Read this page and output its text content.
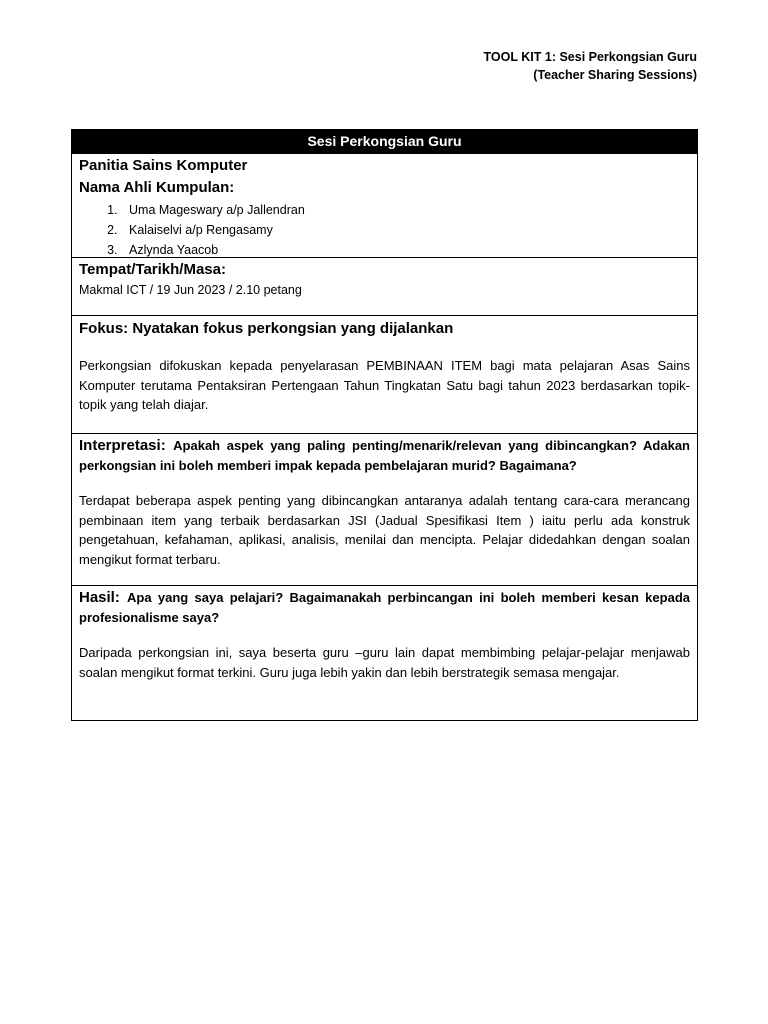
TOOL KIT 1: Sesi Perkongsian Guru
(Teacher Sharing Sessions)
Sesi Perkongsian Guru
Panitia Sains Komputer
Nama Ahli Kumpulan:
1. Uma Mageswary a/p Jallendran
2. Kalaiselvi a/p Rengasamy
3. Azlynda Yaacob
Tempat/Tarikh/Masa:
Makmal ICT / 19 Jun 2023 / 2.10 petang
Fokus: Nyatakan fokus perkongsian yang dijalankan
Perkongsian difokuskan kepada penyelarasan PEMBINAAN ITEM bagi mata pelajaran Asas Sains Komputer terutama Pentaksiran Pertengaan Tahun Tingkatan Satu bagi tahun 2023 berdasarkan topik-topik yang telah diajar.
Interpretasi: Apakah aspek yang paling penting/menarik/relevan yang dibincangkan? Adakan perkongsian ini boleh memberi impak kepada pembelajaran murid? Bagaimana?
Terdapat beberapa aspek penting yang dibincangkan antaranya adalah tentang cara-cara merancang pembinaan item yang terbaik berdasarkan JSI (Jadual Spesifikasi Item ) iaitu perlu ada konstruk pengetahuan, kefahaman, aplikasi, analisis, menilai dan mencipta. Pelajar didedahkan dengan soalan mengikut format terbaru.
Hasil: Apa yang saya pelajari? Bagaimanakah perbincangan ini boleh memberi kesan kepada profesionalisme saya?
Daripada perkongsian ini, saya beserta guru –guru lain dapat membimbing pelajar-pelajar menjawab soalan mengikut format terkini. Guru juga lebih yakin dan lebih berstrategik semasa mengajar.
